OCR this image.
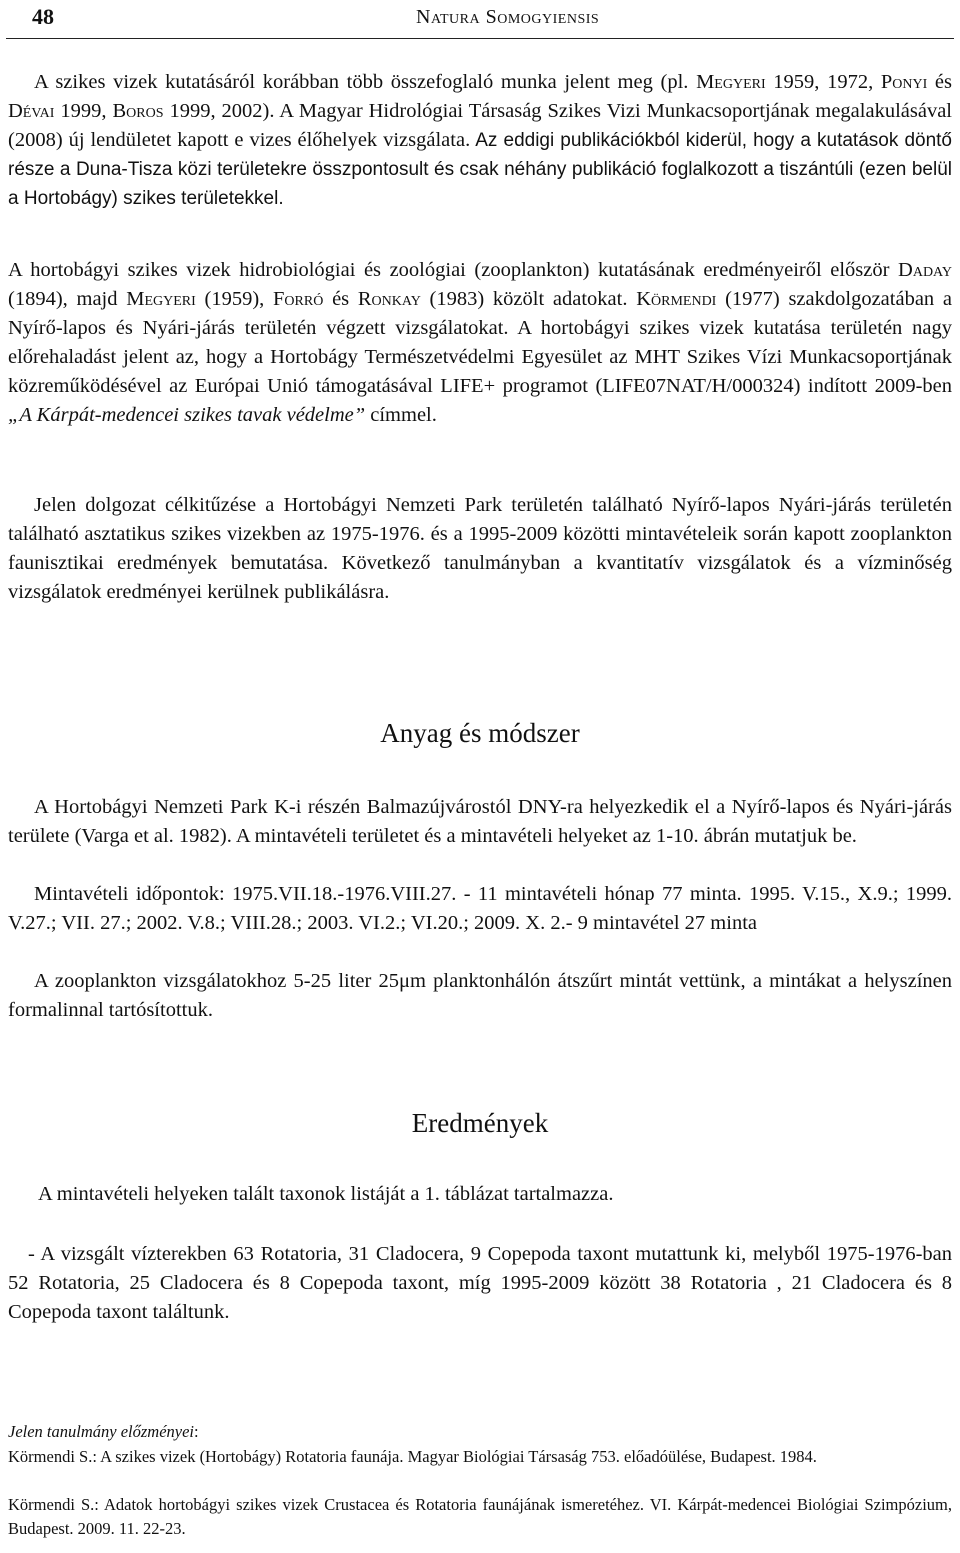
48	Natura Somogyiensis

A szikes vizek kutatásáról korábban több összefoglaló munka jelent meg (pl. Megyeri 1959, 1972, Ponyi és Dévai 1999, Boros 1999, 2002). A Magyar Hidrológiai Társaság Szikes Vizi Munkacsoportjának megalakulásával (2008) új lendületet kapott e vizes élőhelyek vizsgálata. Az eddigi publikációkból kiderül, hogy a kutatások döntő része a Duna-Tisza közi területekre összpontosult és csak néhány publikáció foglalkozott a tiszántúli (ezen belül a Hortobágy) szikes területekkel.

A hortobágyi szikes vizek hidrobiológiai és zoológiai (zooplankton) kutatásának eredményeiről először Daday (1894), majd Megyeri (1959), Forró és Ronkay (1983) közölt adatokat. Körmendi (1977) szakdolgozatában a Nyírő-lapos és Nyári-járás területén végzett vizsgálatokat. A hortobágyi szikes vizek kutatása területén nagy előrehaladást jelent az, hogy a Hortobágy Természetvédelmi Egyesület az MHT Szikes Vízi Munkacsoportjának közreműködésével az Európai Unió támogatásával LIFE+ programot (LIFE07NAT/H/000324) indított 2009-ben „A Kárpát-medencei szikes tavak védelme” címmel.

Jelen dolgozat célkitűzése a Hortobágyi Nemzeti Park területén található Nyírő-lapos Nyári-járás területén található asztatikus szikes vizekben az 1975-1976. és a 1995-2009 közötti mintavételeik során kapott zooplankton faunisztikai eredmények bemutatása. Következő tanulmányban a kvantitatív vizsgálatok és a vízminőség vizsgálatok eredményei kerülnek publikálásra.

Anyag és módszer

A Hortobágyi Nemzeti Park K-i részén Balmazújvárostól DNY-ra helyezkedik el a Nyírő-lapos és Nyári-járás területe (Varga et al. 1982). A mintavételi területet és a mintavételi helyeket az 1-10. ábrán mutatjuk be.

Mintavételi időpontok: 1975.VII.18.-1976.VIII.27. - 11 mintavételi hónap 77 minta. 1995. V.15., X.9.; 1999. V.27.; VII. 27.; 2002. V.8.; VIII.28.; 2003. VI.2.; VI.20.; 2009. X. 2.- 9 mintavétel 27 minta

A zooplankton vizsgálatokhoz 5-25 liter 25μm planktonhálón átszűrt mintát vettünk, a mintákat a helyszínen formalinnal tartósítottuk.

Eredmények

A mintavételi helyeken talált taxonok listáját a 1. táblázat tartalmazza.

- A vizsgált vízterekben 63 Rotatoria, 31 Cladocera, 9 Copepoda taxont mutattunk ki, melyből 1975-1976-ban 52 Rotatoria, 25 Cladocera és 8 Copepoda taxont, míg 1995-2009 között 38 Rotatoria , 21 Cladocera és 8 Copepoda taxont találtunk.

Jelen tanulmány előzményei:

Körmendi S.: A szikes vizek (Hortobágy) Rotatoria faunája. Magyar Biológiai Társaság 753. előadóülése, Budapest. 1984.

Körmendi S.: Adatok hortobágyi szikes vizek Crustacea és Rotatoria faunájának ismeretéhez. VI. Kárpát-medencei Biológiai Szimpózium, Budapest. 2009. 11. 22-23.
